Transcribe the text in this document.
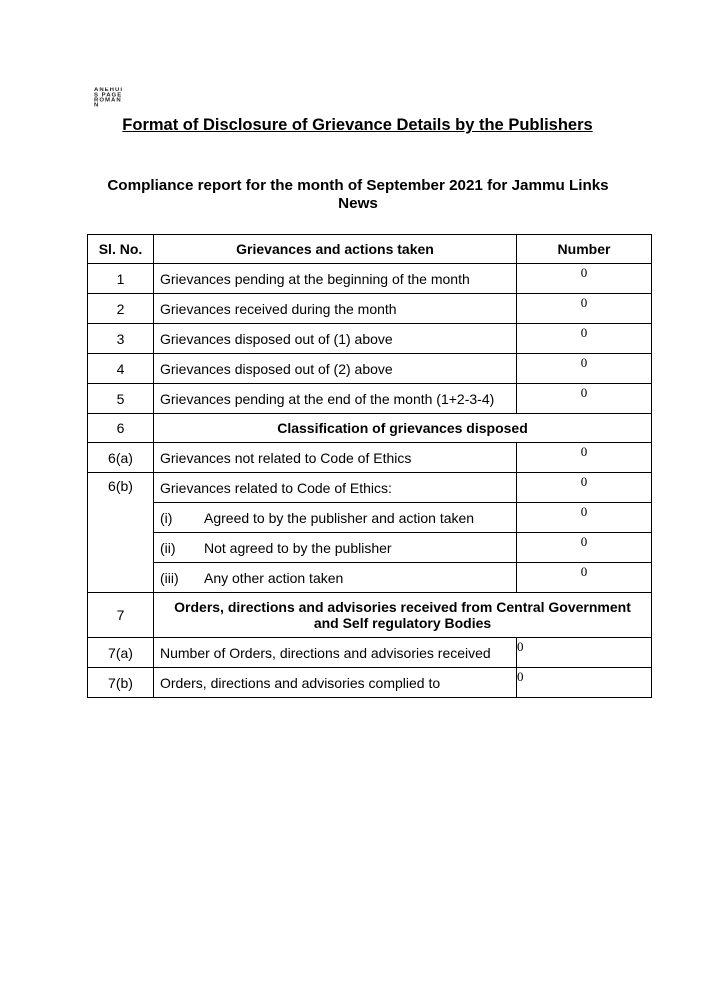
ANEHUI
S PAGE
ROMAN
N
Format of Disclosure of Grievance Details by the Publishers
Compliance report for the month of September 2021 for Jammu Links News
Sl. No.	Grievances and actions taken	Number
1	Grievances pending at the beginning of the month	0
2	Grievances received during the month	0
3	Grievances disposed out of (1) above	0
4	Grievances disposed out of (2) above	0
5	Grievances pending at the end of the month (1+2-3-4)	0
6	Classification of grievances disposed	
6(a)	Grievances not related to Code of Ethics	0
6(b)	Grievances related to Code of Ethics:	0

	(i) Agreed to by the publisher and action taken	0

	(ii) Not agreed to by the publisher	0

	(iii) Any other action taken	0
7	Orders, directions and advisories received from Central Government and Self regulatory Bodies	
7(a)	Number of Orders, directions and advisories received	0
7(b)	Orders, directions and advisories complied to	0
